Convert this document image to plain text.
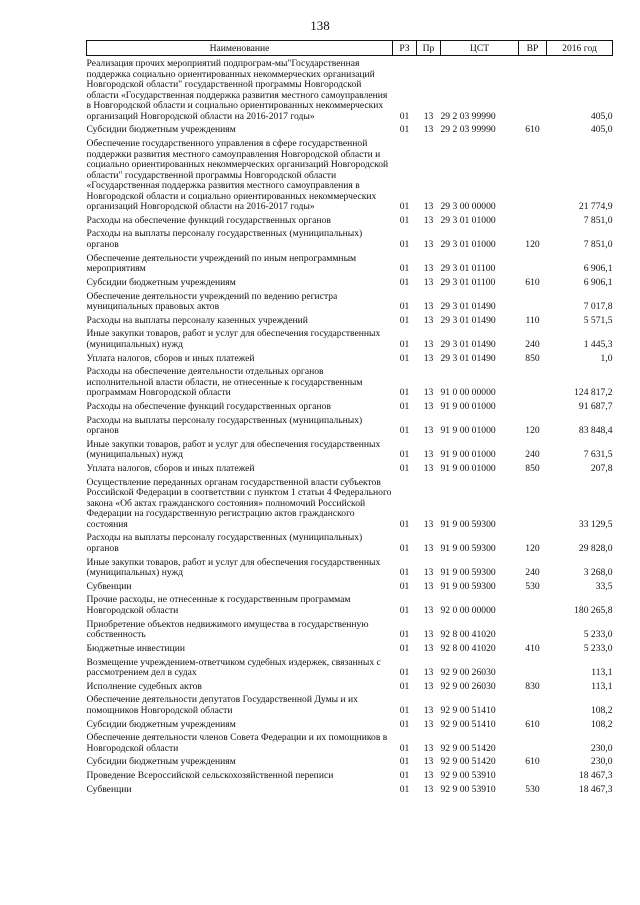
138
Наименование	РЗ	Пр	ЦСТ	ВР	2016 год
Реализация прочих мероприятий подпрограм-мы"Государственная поддержка социально ориентированных некоммерческих организаций Новгородской области" государственной программы Новгородской области «Государственная поддержка развития местного самоуправления в Новгородской области и социально ориентированных некоммерческих организаций Новгородской области на 2016-2017 годы»	01	13	29 2 03 99990		405,0
Субсидии бюджетным учреждениям	01	13	29 2 03 99990	610	405,0
Обеспечение государственного управления в сфере государственной поддержки развития местного самоуправления Новгородской области и социально ориентированных некоммерческих организаций Новгородской области" государственной программы Новгородской области «Государственная поддержка развития местного самоуправления в Новгородской области и социально ориентированных некоммерческих организаций Новгородской области на 2016-2017 годы»	01	13	29 3 00 00000		21 774,9
Расходы на обеспечение функций государственных органов	01	13	29 3 01 01000		7 851,0
Расходы на выплаты персоналу государственных (муниципальных) органов	01	13	29 3 01 01000	120	7 851,0
Обеспечение деятельности учреждений по иным непрограммным мероприятиям	01	13	29 3 01 01100		6 906,1
Субсидии бюджетным учреждениям	01	13	29 3 01 01100	610	6 906,1
Обеспечение деятельности учреждений по ведению регистра муниципальных правовых актов	01	13	29 3 01 01490		7 017,8
Расходы на выплаты персоналу казенных учреждений	01	13	29 3 01 01490	110	5 571,5
Иные закупки товаров, работ и услуг для обеспечения государственных (муниципальных) нужд	01	13	29 3 01 01490	240	1 445,3
Уплата налогов, сборов и иных платежей	01	13	29 3 01 01490	850	1,0
Расходы на обеспечение деятельности отдельных органов исполнительной власти области, не отнесенные к государственным программам Новгородской области	01	13	91 0 00 00000		124 817,2
Расходы на обеспечение функций государственных органов	01	13	91 9 00 01000		91 687,7
Расходы на выплаты персоналу государственных (муниципальных) органов	01	13	91 9 00 01000	120	83 848,4
Иные закупки товаров, работ и услуг для обеспечения государственных (муниципальных) нужд	01	13	91 9 00 01000	240	7 631,5
Уплата налогов, сборов и иных платежей	01	13	91 9 00 01000	850	207,8
Осуществление переданных органам государственной власти субъектов Российской Федерации в соответствии с пунктом 1 статьи 4 Федерального закона «Об актах гражданского состояния» полномочий Российской Федерации на государственную регистрацию актов гражданского состояния	01	13	91 9 00 59300		33 129,5
Расходы на выплаты персоналу государственных (муниципальных) органов	01	13	91 9 00 59300	120	29 828,0
Иные закупки товаров, работ и услуг для обеспечения государственных (муниципальных) нужд	01	13	91 9 00 59300	240	3 268,0
Субвенции	01	13	91 9 00 59300	530	33,5
Прочие расходы, не отнесенные к государственным программам Новгородской области	01	13	92 0 00 00000		180 265,8
Приобретение объектов недвижимого имущества в государственную собственность	01	13	92 8 00 41020		5 233,0
Бюджетные инвестиции	01	13	92 8 00 41020	410	5 233,0
Возмещение учреждением-ответчиком судебных издержек, связанных с рассмотрением дел в судах	01	13	92 9 00 26030		113,1
Исполнение судебных актов	01	13	92 9 00 26030	830	113,1
Обеспечение деятельности депутатов Государственной Думы и их помощников Новгородской области	01	13	92 9 00 51410		108,2
Субсидии бюджетным учреждениям	01	13	92 9 00 51410	610	108,2
Обеспечение деятельности членов Совета Федерации и их помощников в Новгородской области	01	13	92 9 00 51420		230,0
Субсидии бюджетным учреждениям	01	13	92 9 00 51420	610	230,0
Проведение Всероссийской сельскохозяйственной переписи	01	13	92 9 00 53910		18 467,3
Субвенции	01	13	92 9 00 53910	530	18 467,3
